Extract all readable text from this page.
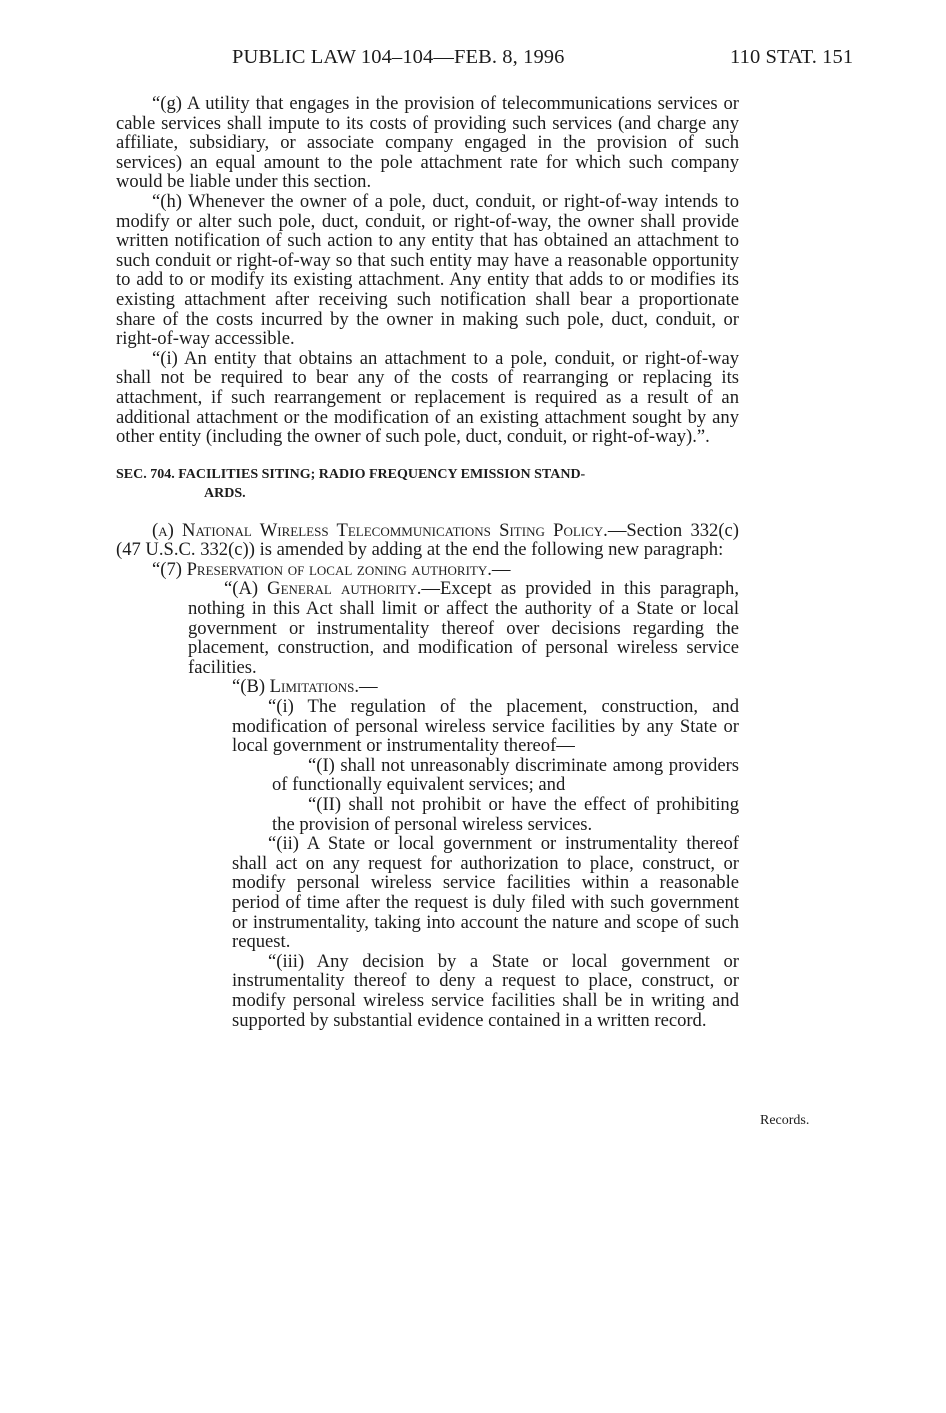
PUBLIC LAW 104–104—FEB. 8, 1996	110 STAT. 151

“(g) A utility that engages in the provision of telecommunications services or cable services shall impute to its costs of providing such services (and charge any affiliate, subsidiary, or associate company engaged in the provision of such services) an equal amount to the pole attachment rate for which such company would be liable under this section.

“(h) Whenever the owner of a pole, duct, conduit, or right-of-way intends to modify or alter such pole, duct, conduit, or right-of-way, the owner shall provide written notification of such action to any entity that has obtained an attachment to such conduit or right-of-way so that such entity may have a reasonable opportunity to add to or modify its existing attachment. Any entity that adds to or modifies its existing attachment after receiving such notification shall bear a proportionate share of the costs incurred by the owner in making such pole, duct, conduit, or right-of-way accessible.

“(i) An entity that obtains an attachment to a pole, conduit, or right-of-way shall not be required to bear any of the costs of rearranging or replacing its attachment, if such rearrangement or replacement is required as a result of an additional attachment or the modification of an existing attachment sought by any other entity (including the owner of such pole, duct, conduit, or right-of-way).”.

SEC. 704. FACILITIES SITING; RADIO FREQUENCY EMISSION STAND-
ARDS.

(a) National Wireless Telecommunications Siting Policy.—Section 332(c) (47 U.S.C. 332(c)) is amended by adding at the end the following new paragraph:

“(7) Preservation of local zoning authority.—

“(A) General authority.—Except as provided in this paragraph, nothing in this Act shall limit or affect the authority of a State or local government or instrumentality thereof over decisions regarding the placement, construction, and modification of personal wireless service facilities.

“(B) Limitations.—

“(i) The regulation of the placement, construction, and modification of personal wireless service facilities by any State or local government or instrumentality thereof—

“(I) shall not unreasonably discriminate among providers of functionally equivalent services; and

“(II) shall not prohibit or have the effect of prohibiting the provision of personal wireless services.

“(ii) A State or local government or instrumentality thereof shall act on any request for authorization to place, construct, or modify personal wireless service facilities within a reasonable period of time after the request is duly filed with such government or instrumentality, taking into account the nature and scope of such request.

“(iii) Any decision by a State or local government or instrumentality thereof to deny a request to place, construct, or modify personal wireless service facilities shall be in writing and supported by substantial evidence contained in a written record.

Records.
